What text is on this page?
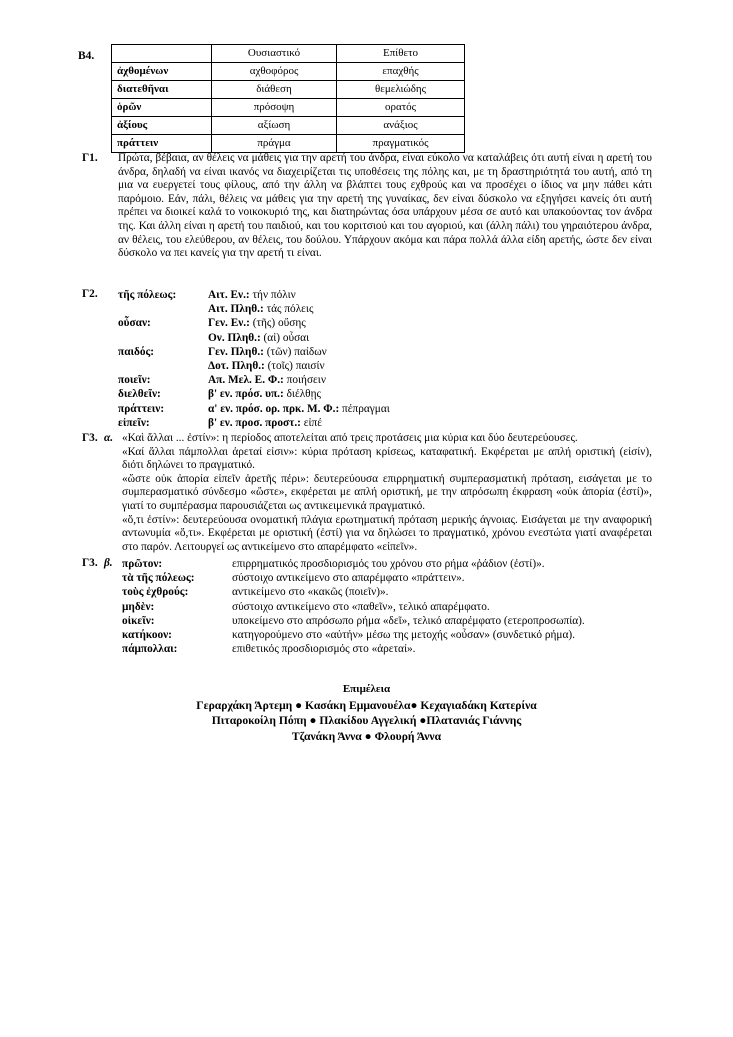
Β4.
		Ουσιαστικό	Επίθετο
ἀχθομένων	αχθοφόρος	επαχθής
διατεθῆναι	διάθεση	θεμελιώδης
ὁρῶν	πρόσοψη	ορατός
ἀξίους	αξίωση	ανάξιος
πράττειν	πράγμα	πραγματικός
Γ1.	Πρώτα, βέβαια, αν θέλεις να μάθεις για την αρετή του άνδρα, είναι εύκολο να καταλάβεις ότι αυτή είναι η αρετή του άνδρα, δηλαδή να είναι ικανός να διαχειρίζεται τις υποθέσεις της πόλης και, με τη δραστηριότητά του αυτή, από τη μια να ευεργετεί τους φίλους, από την άλλη να βλάπτει τους εχθρούς και να προσέχει ο ίδιος να μην πάθει κάτι παρόμοιο. Εάν, πάλι, θέλεις να μάθεις για την αρετή της γυναίκας, δεν είναι δύσκολο να εξηγήσει κανείς ότι αυτή πρέπει να διοικεί καλά το νοικοκυριό της, και διατηρώντας όσα υπάρχουν μέσα σε αυτό και υπακούοντας τον άνδρα της. Και άλλη είναι η αρετή του παιδιού, και του κοριτσιού και του αγοριού, και (άλλη πάλι) του γηραιότερου άνδρα, αν θέλεις, του ελεύθερου, αν θέλεις, του δούλου. Υπάρχουν ακόμα και πάρα πολλά άλλα είδη αρετής, ώστε δεν είναι δύσκολο να πει κανείς για την αρετή τι είναι.

Γ2.	τῆς πόλεως:	Αιτ. Εν.: τήν πόλιν
Αιτ. Πληθ.: τάς πόλεις
οὖσαν:	Γεν. Εν.: (τῆς) οὔσης
Ον. Πληθ.: (αἱ) οὖσαι
παιδός:	Γεν. Πληθ.: (τῶν) παίδων
Δοτ. Πληθ.: (τοῖς) παισίν
ποιεῖν:	Απ. Μελ. Ε. Φ.: ποιήσειν
διελθεῖν:	β' εν. πρόσ. υπ.: διέλθῃς
πράττειν:	α' εν. πρόσ. ορ. πρκ. Μ. Φ.: πέπραγμαι
εἰπεῖν:	β' εν. προσ. προστ.: εἰπέ
Γ3. α. «Καὶ ἄλλαι ... ἐστίν»: η περίοδος αποτελείται από τρεις προτάσεις μια κύρια και δύο δευτερεύουσες.

«Καί ἄλλαι πάμπολλαι ἀρεταί εἰσιν»: κύρια πρόταση κρίσεως, καταφατική. Εκφέρεται με απλή οριστική (εἰσίν), διότι δηλώνει το πραγματικό.

«ὥστε οὐκ ἀπορία εἰπεῖν ἀρετῆς πέρι»: δευτερεύουσα επιρρηματική συμπερασματική πρόταση, εισάγεται με το συμπερασματικό σύνδεσμο «ὥστε», εκφέρεται με απλή οριστική, με την απρόσωπη έκφραση «οὐκ ἀπορία (ἐστί)», γιατί το συμπέρασμα παρουσιάζεται ως αντικειμενικά πραγματικό.

«ὅ,τι ἐστίν»: δευτερεύουσα ονοματική πλάγια ερωτηματική πρόταση μερικής άγνοιας. Εισάγεται με την αναφορική αντωνυμία «ὅ,τι». Εκφέρεται με οριστική (ἐστί) για να δηλώσει το πραγματικό, χρόνου ενεστώτα γιατί αναφέρεται στο παρόν. Λειτουργεί ως αντικείμενο στο απαρέμφατο «εἰπεῖν».

Γ3. β. πρῶτον:	επιρρηματικός προσδιορισμός του χρόνου στο ρήμα «ῥάδιον (ἐστί)».
τὰ τῆς πόλεως:	σύστοιχο αντικείμενο στο απαρέμφατο «πράττειν».
τοὺς ἐχθρούς:	αντικείμενο στο «κακῶς (ποιεῖν)».
μηδὲν:	σύστοιχο αντικείμενο στο «παθεῖν», τελικό απαρέμφατο.
οἰκεῖν:	υποκείμενο στο απρόσωπο ρήμα «δεῖ», τελικό απαρέμφατο (ετεροπροσωπία).
κατήκοον:	κατηγορούμενο στο «αὐτήν» μέσω της μετοχής «οὖσαν» (συνδετικό ρήμα).
πάμπολλαι:	επιθετικός προσδιορισμός στο «ἀρεταί».
Επιμέλεια
Γεραρχάκη Άρτεμη ● Κασάκη Εμμανουέλα● Κεχαγιαδάκη Κατερίνα
Πιταροκοίλη Πόπη ● Πλακίδου Αγγελική ●Πλατανιάς Γιάννης
Τζανάκη Άννα ● Φλουρή Άννα
